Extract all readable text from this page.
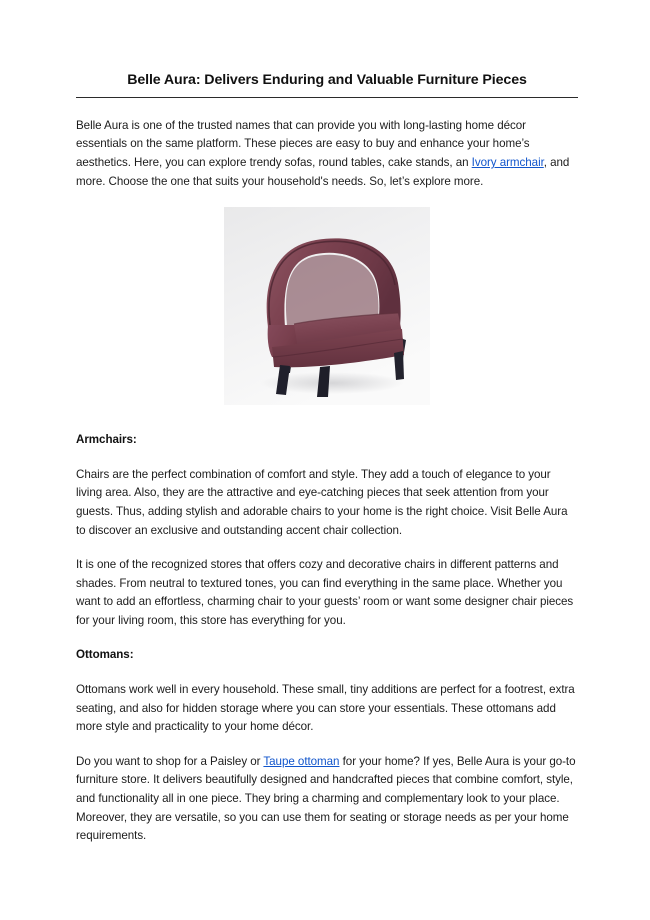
Belle Aura: Delivers Enduring and Valuable Furniture Pieces

Belle Aura is one of the trusted names that can provide you with long-lasting home décor essentials on the same platform. These pieces are easy to buy and enhance your home’s aesthetics. Here, you can explore trendy sofas, round tables, cake stands, an Ivory armchair, and more. Choose the one that suits your household's needs. So, let’s explore more.

Armchairs:

Chairs are the perfect combination of comfort and style. They add a touch of elegance to your living area. Also, they are the attractive and eye-catching pieces that seek attention from your guests. Thus, adding stylish and adorable chairs to your home is the right choice. Visit Belle Aura to discover an exclusive and outstanding accent chair collection.

It is one of the recognized stores that offers cozy and decorative chairs in different patterns and shades. From neutral to textured tones, you can find everything in the same place. Whether you want to add an effortless, charming chair to your guests’ room or want some designer chair pieces for your living room, this store has everything for you.

Ottomans:

Ottomans work well in every household. These small, tiny additions are perfect for a footrest, extra seating, and also for hidden storage where you can store your essentials. These ottomans add more style and practicality to your home décor.

Do you want to shop for a Paisley or Taupe ottoman for your home? If yes, Belle Aura is your go-to furniture store. It delivers beautifully designed and handcrafted pieces that combine comfort, style, and functionality all in one piece. They bring a charming and complementary look to your place. Moreover, they are versatile, so you can use them for seating or storage needs as per your home requirements.
